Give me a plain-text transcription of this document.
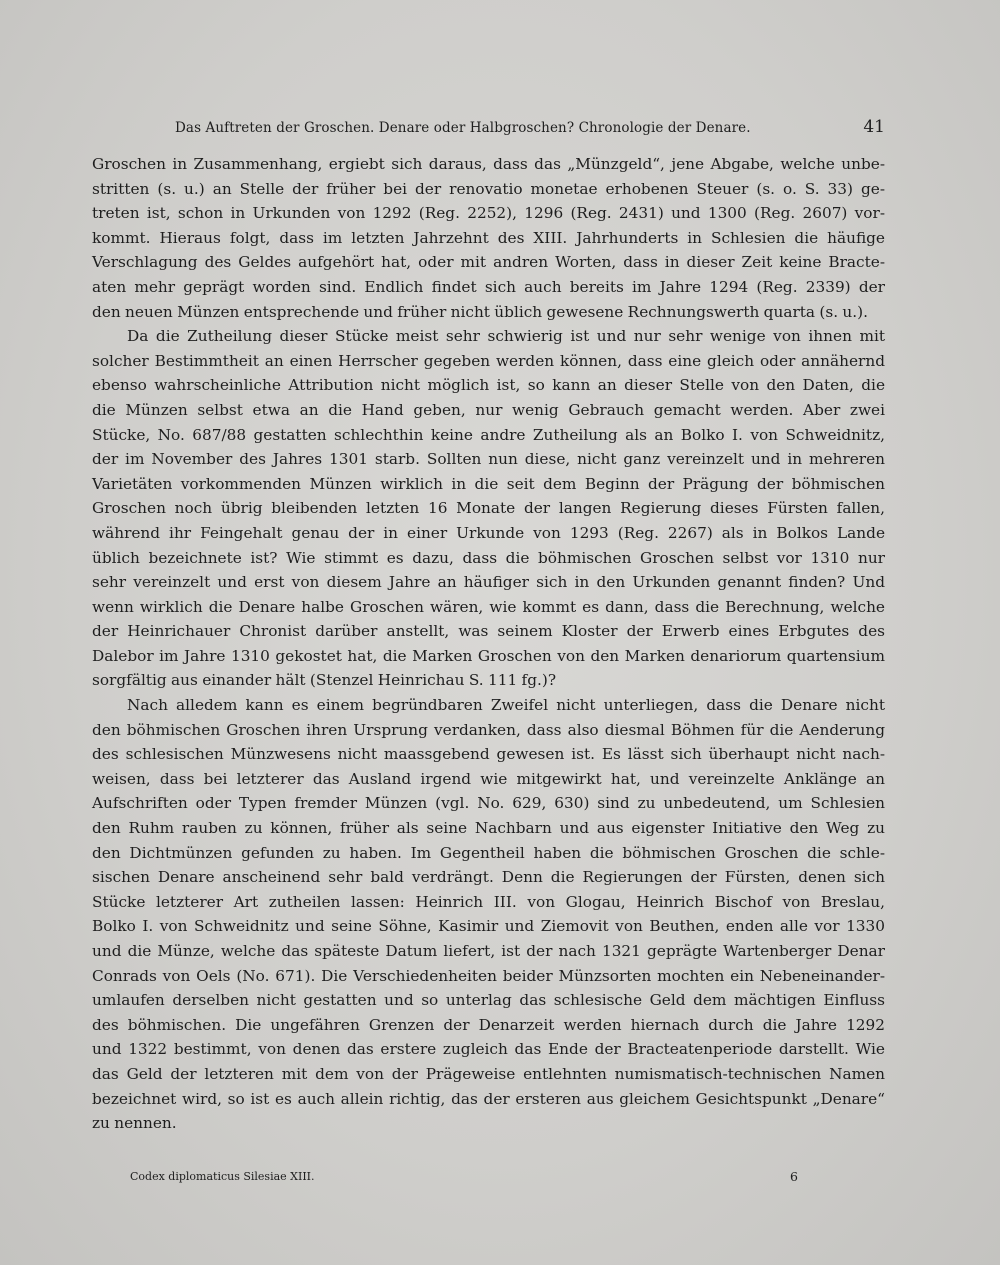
Das Auftreten der Groschen. Denare oder Halbgroschen? Chronologie der Denare.	41
Groschen in Zusammenhang, ergiebt sich daraus, dass das „Münzgeld“, jene Abgabe, welche unbe-
stritten (s. u.) an Stelle der früher bei der renovatio monetae erhobenen Steuer (s. o. S. 33) ge-
treten ist, schon in Urkunden von 1292 (Reg. 2252), 1296 (Reg. 2431) und 1300 (Reg. 2607) vor-
kommt. Hieraus folgt, dass im letzten Jahrzehnt des XIII. Jahrhunderts in Schlesien die häufige
Verschlagung des Geldes aufgehört hat, oder mit andren Worten, dass in dieser Zeit keine Bracte-
aten mehr geprägt worden sind. Endlich findet sich auch bereits im Jahre 1294 (Reg. 2339) der
den neuen Münzen entsprechende und früher nicht üblich gewesene Rechnungswerth quarta (s. u.).
Da die Zutheilung dieser Stücke meist sehr schwierig ist und nur sehr wenige von ihnen mit
solcher Bestimmtheit an einen Herrscher gegeben werden können, dass eine gleich oder annähernd
ebenso wahrscheinliche Attribution nicht möglich ist, so kann an dieser Stelle von den Daten, die
die Münzen selbst etwa an die Hand geben, nur wenig Gebrauch gemacht werden. Aber zwei
Stücke, No. 687/88 gestatten schlechthin keine andre Zutheilung als an Bolko I. von Schweidnitz,
der im November des Jahres 1301 starb. Sollten nun diese, nicht ganz vereinzelt und in mehreren
Varietäten vorkommenden Münzen wirklich in die seit dem Beginn der Prägung der böhmischen
Groschen noch übrig bleibenden letzten 16 Monate der langen Regierung dieses Fürsten fallen,
während ihr Feingehalt genau der in einer Urkunde von 1293 (Reg. 2267) als in Bolkos Lande
üblich bezeichnete ist? Wie stimmt es dazu, dass die böhmischen Groschen selbst vor 1310 nur
sehr vereinzelt und erst von diesem Jahre an häufiger sich in den Urkunden genannt finden? Und
wenn wirklich die Denare halbe Groschen wären, wie kommt es dann, dass die Berechnung, welche
der Heinrichauer Chronist darüber anstellt, was seinem Kloster der Erwerb eines Erbgutes des
Dalebor im Jahre 1310 gekostet hat, die Marken Groschen von den Marken denariorum quartensium
sorgfältig aus einander hält (Stenzel Heinrichau S. 111 fg.)?
Nach alledem kann es einem begründbaren Zweifel nicht unterliegen, dass die Denare nicht
den böhmischen Groschen ihren Ursprung verdanken, dass also diesmal Böhmen für die Aenderung
des schlesischen Münzwesens nicht maassgebend gewesen ist. Es lässt sich überhaupt nicht nach-
weisen, dass bei letzterer das Ausland irgend wie mitgewirkt hat, und vereinzelte Anklänge an
Aufschriften oder Typen fremder Münzen (vgl. No. 629, 630) sind zu unbedeutend, um Schlesien
den Ruhm rauben zu können, früher als seine Nachbarn und aus eigenster Initiative den Weg zu
den Dichtmünzen gefunden zu haben. Im Gegentheil haben die böhmischen Groschen die schle-
sischen Denare anscheinend sehr bald verdrängt. Denn die Regierungen der Fürsten, denen sich
Stücke letzterer Art zutheilen lassen: Heinrich III. von Glogau, Heinrich Bischof von Breslau,
Bolko I. von Schweidnitz und seine Söhne, Kasimir und Ziemovit von Beuthen, enden alle vor 1330
und die Münze, welche das späteste Datum liefert, ist der nach 1321 geprägte Wartenberger Denar
Conrads von Oels (No. 671). Die Verschiedenheiten beider Münzsorten mochten ein Nebeneinander-
umlaufen derselben nicht gestatten und so unterlag das schlesische Geld dem mächtigen Einfluss
des böhmischen. Die ungefähren Grenzen der Denarzeit werden hiernach durch die Jahre 1292
und 1322 bestimmt, von denen das erstere zugleich das Ende der Bracteatenperiode darstellt. Wie
das Geld der letzteren mit dem von der Prägeweise entlehnten numismatisch-technischen Namen
bezeichnet wird, so ist es auch allein richtig, das der ersteren aus gleichem Gesichtspunkt „Denare“
zu nennen.
Codex diplomaticus Silesiae XIII.	6
